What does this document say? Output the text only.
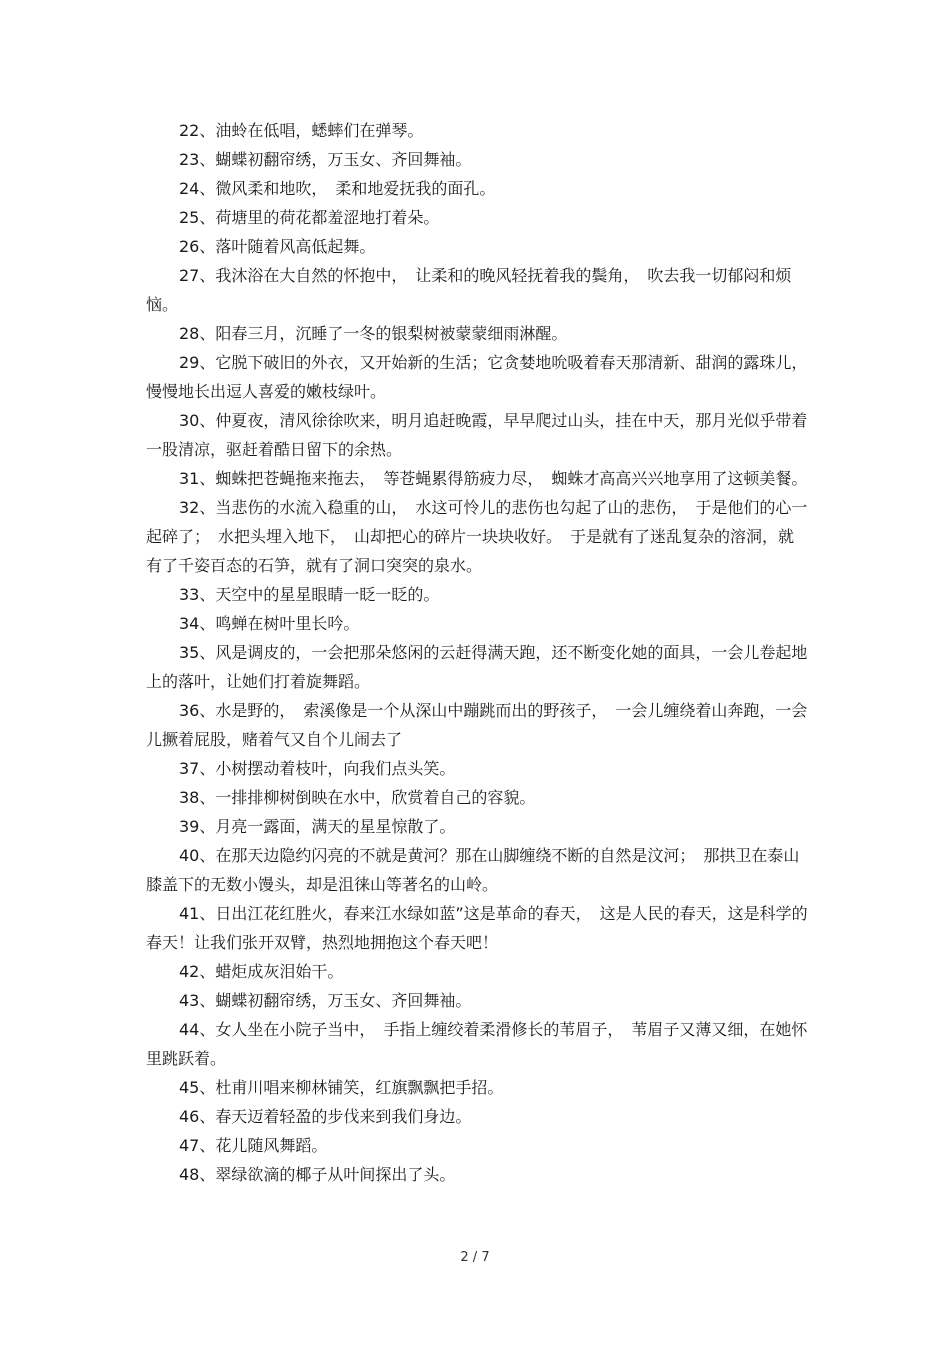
22、油蛉在低唱，蟋蟀们在弹琴。

23、蝴蝶初翻帘绣，万玉女、齐回舞袖。

24、微风柔和地吹，　柔和地爱抚我的面孔。

25、荷塘里的荷花都羞涩地打着朵。

26、落叶随着风高低起舞。

27、我沐浴在大自然的怀抱中，　让柔和的晚风轻抚着我的鬓角，　吹去我一切郁闷和烦恼。

28、阳春三月，沉睡了一冬的银梨树被蒙蒙细雨淋醒。

29、它脱下破旧的外衣，又开始新的生活；它贪婪地吮吸着春天那清新、甜润的露珠儿，慢慢地长出逗人喜爱的嫩枝绿叶。

30、仲夏夜，清风徐徐吹来，明月追赶晚霞，早早爬过山头，挂在中天，那月光似乎带着一股清凉，驱赶着酷日留下的余热。

31、蜘蛛把苍蝇拖来拖去，　等苍蝇累得筋疲力尽，　蜘蛛才高高兴兴地享用了这顿美餐。

32、当悲伤的水流入稳重的山，　水这可怜儿的悲伤也勾起了山的悲伤，　于是他们的心一起碎了；　水把头埋入地下，　山却把心的碎片一块块收好。　于是就有了迷乱复杂的溶洞，就有了千姿百态的石笋，就有了洞口突突的泉水。

33、天空中的星星眼睛一眨一眨的。

34、鸣蝉在树叶里长吟。

35、风是调皮的，一会把那朵悠闲的云赶得满天跑，还不断变化她的面具，一会儿卷起地上的落叶，让她们打着旋舞蹈。

36、水是野的，　索溪像是一个从深山中蹦跳而出的野孩子，　一会儿缠绕着山奔跑，一会儿撅着屁股，赌着气又自个儿闹去了

37、小树摆动着枝叶，向我们点头笑。

38、一排排柳树倒映在水中，欣赏着自己的容貌。

39、月亮一露面，满天的星星惊散了。

40、在那天边隐约闪亮的不就是黄河？那在山脚缠绕不断的自然是汶河；　那拱卫在泰山膝盖下的无数小馒头，却是沮徕山等著名的山岭。

41、日出江花红胜火，春来江水绿如蓝”这是革命的春天，　这是人民的春天，这是科学的春天！让我们张开双臂，热烈地拥抱这个春天吧！

42、蜡炬成灰泪始干。

43、蝴蝶初翻帘绣，万玉女、齐回舞袖。

44、女人坐在小院子当中，　手指上缠绞着柔滑修长的苇眉子，　苇眉子又薄又细，在她怀里跳跃着。

45、杜甫川唱来柳林铺笑，红旗飘飘把手招。

46、春天迈着轻盈的步伐来到我们身边。

47、花儿随风舞蹈。

48、翠绿欲滴的椰子从叶间探出了头。

2 / 7
